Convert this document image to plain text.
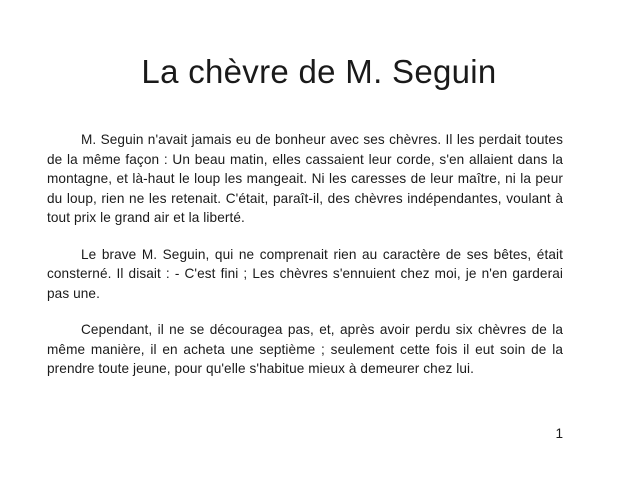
La chèvre de M. Seguin

M. Seguin n'avait jamais eu de bonheur avec ses chèvres. Il les perdait toutes de la même façon : Un beau matin, elles cassaient leur corde, s'en allaient dans la montagne, et là-haut le loup les mangeait. Ni les caresses de leur maître, ni la peur du loup, rien ne les retenait. C'était, paraît-il, des chèvres indépendantes, voulant à tout prix le grand air et la liberté.

Le brave M. Seguin, qui ne comprenait rien au caractère de ses bêtes, était consterné. Il disait : - C'est fini ; Les chèvres s'ennuient chez moi, je n'en garderai pas une.

Cependant, il ne se découragea pas, et, après avoir perdu six chèvres de la même manière, il en acheta une septième ; seulement cette fois il eut soin de la prendre toute jeune, pour qu'elle s'habitue mieux à demeurer chez lui.

1
